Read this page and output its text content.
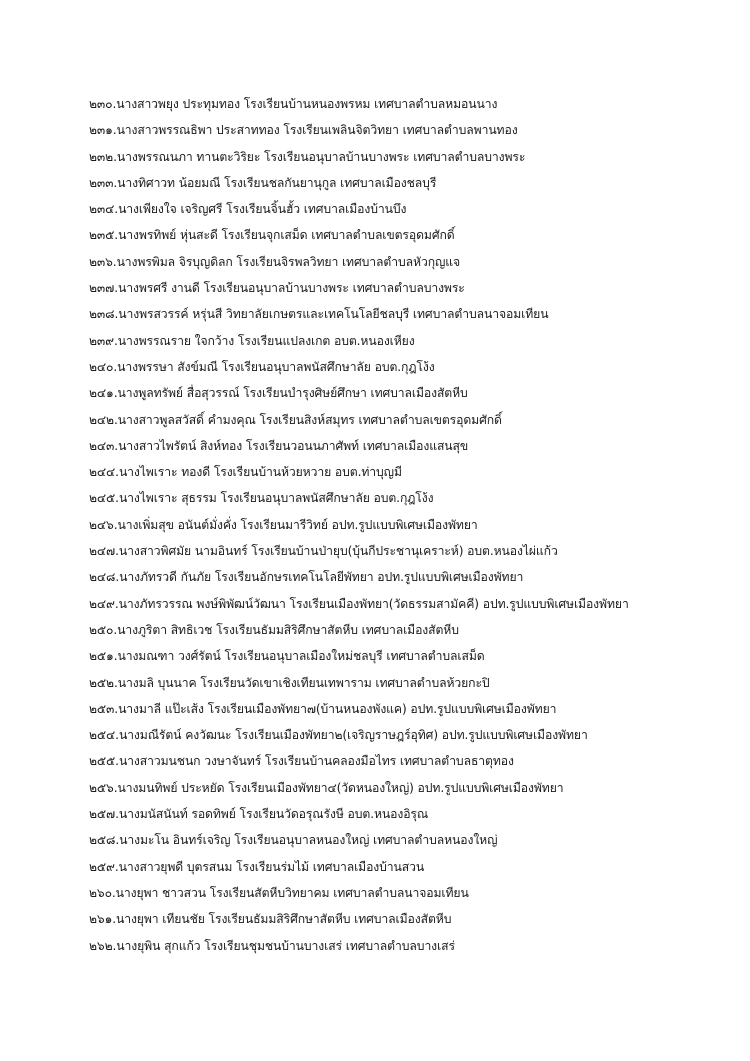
๒๓๐.นางสาวพยุง ประทุมทอง โรงเรียนบ้านหนองพรหม เทศบาลตำบลหมอนนาง
๒๓๑.นางสาวพรรณธิพา ประสาททอง โรงเรียนเพลินจิตวิทยา เทศบาลตำบลพานทอง
๒๓๒.นางพรรณนภา ทานตะวิริยะ โรงเรียนอนุบาลบ้านบางพระ เทศบาลตำบลบางพระ
๒๓๓.นางทิศาวท น้อยมณี โรงเรียนชลกันยานุกูล เทศบาลเมืองชลบุรี
๒๓๔.นางเพียงใจ เจริญศรี โรงเรียนจิ้นฮั้ว เทศบาลเมืองบ้านบึง
๒๓๕.นางพรทิพย์ หุ่นสะดี โรงเรียนจุกเสม็ด เทศบาลตำบลเขตรอุดมศักดิ์
๒๓๖.นางพรพิมล จิรบุญดิลก โรงเรียนจิรพลวิทยา เทศบาลตำบลหัวกุญแจ
๒๓๗.นางพรศรี งานดี โรงเรียนอนุบาลบ้านบางพระ เทศบาลตำบลบางพระ
๒๓๘.นางพรสวรรค์ หรุ่นสี วิทยาลัยเกษตรและเทคโนโลยีชลบุรี เทศบาลตำบลนาจอมเทียน
๒๓๙.นางพรรณราย ใจกว้าง โรงเรียนแปลงเกต อบต.หนองเหียง
๒๔๐.นางพรรษา สังข์มณี โรงเรียนอนุบาลพนัสศึกษาลัย อบต.กุฎโง้ง
๒๔๑.นางพูลทรัพย์ สื่อสุวรรณ์ โรงเรียนบำรุงศิษย์ศึกษา เทศบาลเมืองสัตหีบ
๒๔๒.นางสาวพูลสวัสดิ์ คำมงคุณ โรงเรียนสิงห์สมุทร เทศบาลตำบลเขตรอุดมศักดิ์
๒๔๓.นางสาวไพรัตน์ สิงห์ทอง โรงเรียนวอนนภาศัพท์ เทศบาลเมืองแสนสุข
๒๔๔.นางไพเราะ ทองดี โรงเรียนบ้านห้วยหวาย อบต.ท่าบุญมี
๒๔๕.นางไพเราะ สุธรรม โรงเรียนอนุบาลพนัสศึกษาลัย อบต.กุฎโง้ง
๒๔๖.นางเพิ่มสุข อนันต์มั่งคั่ง โรงเรียนมารีวิทย์ อปท.รูปแบบพิเศษเมืองพัทยา
๒๔๗.นางสาวพิศมัย นามอินทร์ โรงเรียนบ้านป่ายุบ(บุ้นกีประชานุเคราะห์) อบต.หนองไผ่แก้ว
๒๔๘.นางภัทรวดี กันภัย โรงเรียนอักษรเทคโนโลยีพัทยา อปท.รูปแบบพิเศษเมืองพัทยา
๒๔๙.นางภัทรวรรณ พงษ์พิพัฒน์วัฒนา โรงเรียนเมืองพัทยา(วัดธรรมสามัคคี) อปท.รูปแบบพิเศษเมืองพัทยา
๒๕๐.นางภูริตา สิทธิเวช โรงเรียนธัมมสิริศึกษาสัตหีบ เทศบาลเมืองสัตหีบ
๒๕๑.นางมณฑา วงศ์รัตน์ โรงเรียนอนุบาลเมืองใหม่ชลบุรี เทศบาลตำบลเสม็ด
๒๕๒.นางมลิ บุนนาค โรงเรียนวัดเขาเชิงเทียนเทพาราม เทศบาลตำบลห้วยกะปิ
๒๕๓.นางมาลี แป๊ะเส้ง โรงเรียนเมืองพัทยา๗(บ้านหนองพังแค) อปท.รูปแบบพิเศษเมืองพัทยา
๒๕๔.นางมณีรัตน์ คงวัฒนะ โรงเรียนเมืองพัทยา๒(เจริญราษฎร์อุทิศ) อปท.รูปแบบพิเศษเมืองพัทยา
๒๕๕.นางสาวมนชนก วงษาจันทร์ โรงเรียนบ้านคลองมือไทร เทศบาลตำบลธาตุทอง
๒๕๖.นางมนทิพย์ ประหยัด โรงเรียนเมืองพัทยา๔(วัดหนองใหญ่) อปท.รูปแบบพิเศษเมืองพัทยา
๒๕๗.นางมนัสนันท์ รอดทิพย์ โรงเรียนวัดอรุณรังษี อบต.หนองอิรุณ
๒๕๘.นางมะโน อินทร์เจริญ โรงเรียนอนุบาลหนองใหญ่ เทศบาลตำบลหนองใหญ่
๒๕๙.นางสาวยุพดี บุตรสนม โรงเรียนร่มไม้ เทศบาลเมืองบ้านสวน
๒๖๐.นางยุพา ชาวสวน โรงเรียนสัตหีบวิทยาคม เทศบาลตำบลนาจอมเทียน
๒๖๑.นางยุพา เทียนชัย โรงเรียนธัมมสิริศึกษาสัตหีบ เทศบาลเมืองสัตหีบ
๒๖๒.นางยุพิน สุกแก้ว โรงเรียนชุมชนบ้านบางเสร่ เทศบาลตำบลบางเสร่
